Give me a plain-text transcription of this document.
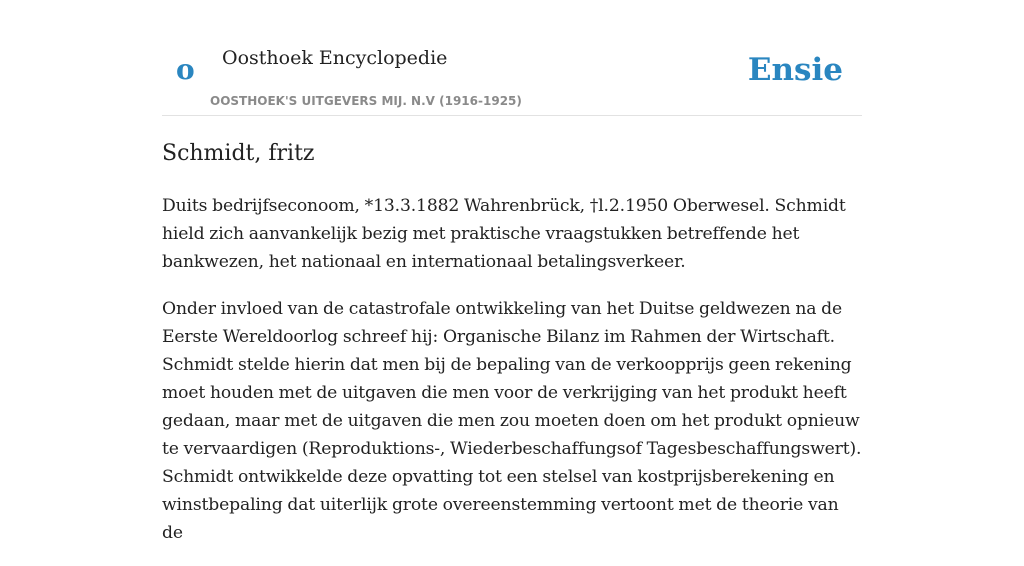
o Oosthoek Encyclopedie
OOSTHOEK'S UITGEVERS MIJ. N.V (1916-1925)
Ensie
Schmidt, fritz

Duits bedrijfseconoom, *13.3.1882 Wahrenbrück, †l.2.1950 Oberwesel. Schmidt hield zich aanvankelijk bezig met praktische vraagstukken betreffende het bankwezen, het nationaal en internationaal betalingsverkeer.

Onder invloed van de catastrofale ontwikkeling van het Duitse geldwezen na de Eerste Wereldoorlog schreef hij: Organische Bilanz im Rahmen der Wirtschaft. Schmidt stelde hierin dat men bij de bepaling van de verkoopprijs geen rekening moet houden met de uitgaven die men voor de verkrijging van het produkt heeft gedaan, maar met de uitgaven die men zou moeten doen om het produkt opnieuw te vervaardigen (Reproduktions-, Wiederbeschaffungsof Tagesbeschaffungswert). Schmidt ontwikkelde deze opvatting tot een stelsel van kostprijsberekening en winstbepaling dat uiterlijk grote overeenstemming vertoont met de theorie van de
